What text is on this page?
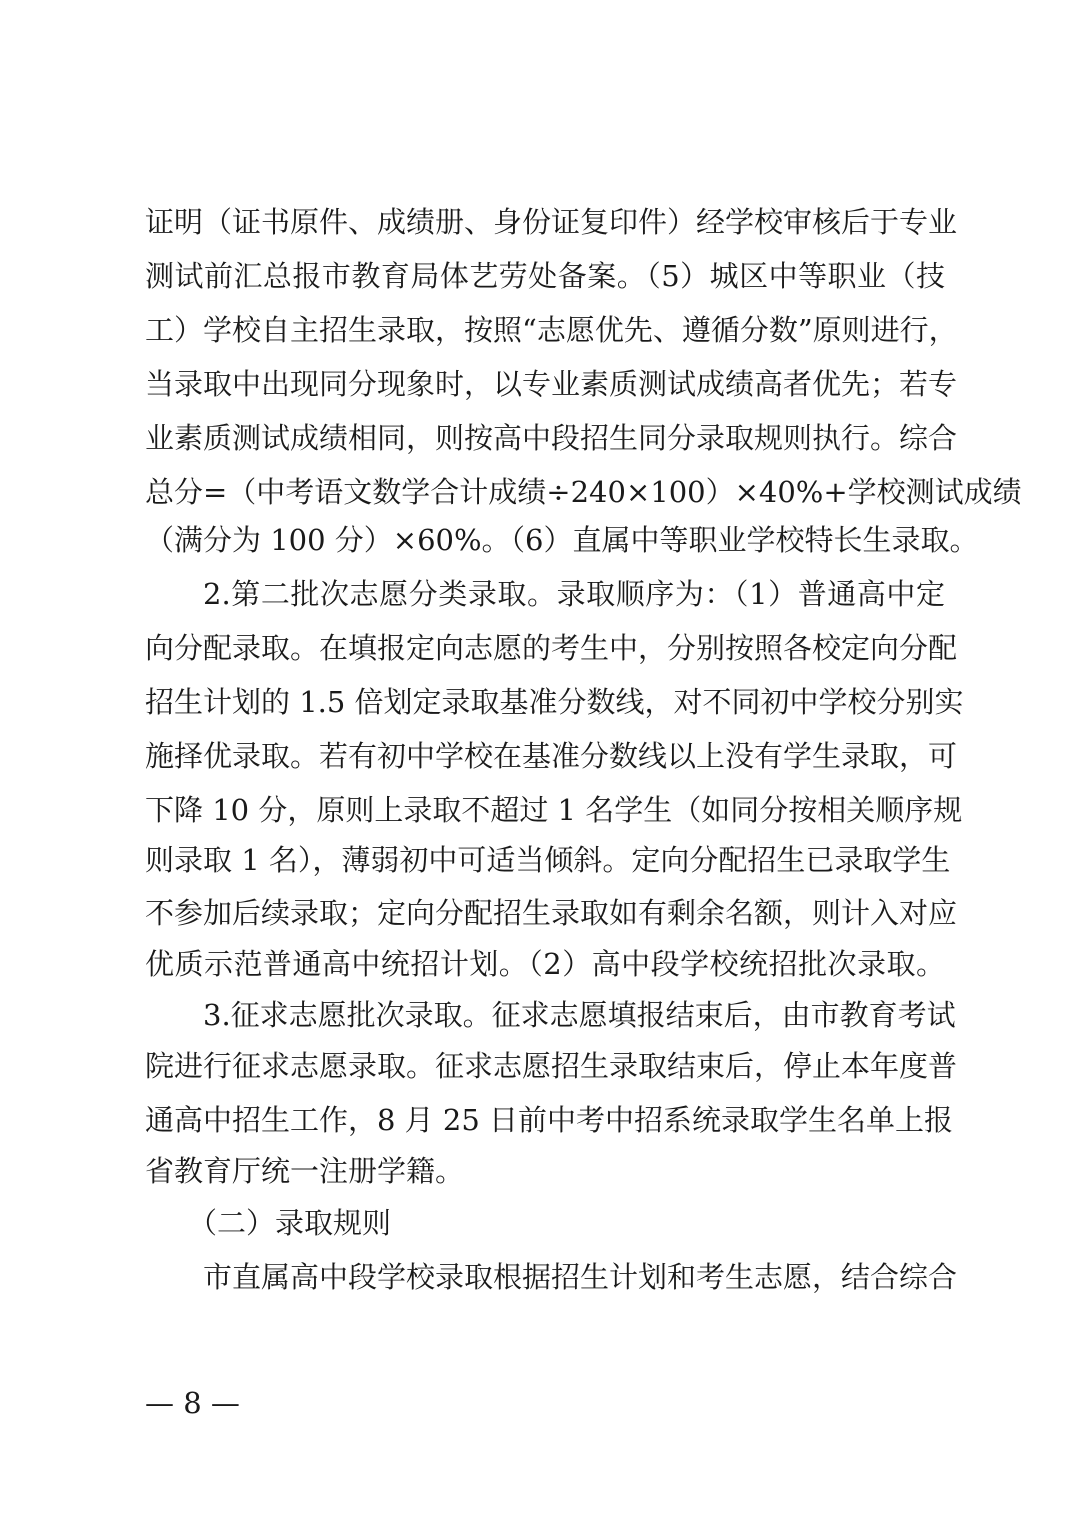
证明（证书原件、成绩册、身份证复印件）经学校审核后于专业
测试前汇总报市教育局体艺劳处备案。（5）城区中等职业（技
工）学校自主招生录取，按照“志愿优先、遵循分数”原则进行，
当录取中出现同分现象时，以专业素质测试成绩高者优先；若专
业素质测试成绩相同，则按高中段招生同分录取规则执行。综合
总分=（中考语文数学合计成绩÷240×100）×40%+学校测试成绩
（满分为 100 分）×60%。（6）直属中等职业学校特长生录取。
2.第二批次志愿分类录取。录取顺序为：（1）普通高中定
向分配录取。在填报定向志愿的考生中，分别按照各校定向分配
招生计划的 1.5 倍划定录取基准分数线，对不同初中学校分别实
施择优录取。若有初中学校在基准分数线以上没有学生录取，可
下降 10 分，原则上录取不超过 1 名学生（如同分按相关顺序规
则录取 1 名），薄弱初中可适当倾斜。定向分配招生已录取学生
不参加后续录取；定向分配招生录取如有剩余名额，则计入对应
优质示范普通高中统招计划。（2）高中段学校统招批次录取。
3.征求志愿批次录取。征求志愿填报结束后，由市教育考试
院进行征求志愿录取。征求志愿招生录取结束后，停止本年度普
通高中招生工作，8 月 25 日前中考中招系统录取学生名单上报
省教育厅统一注册学籍。
（二）录取规则
市直属高中段学校录取根据招生计划和考生志愿，结合综合
— 8 —
